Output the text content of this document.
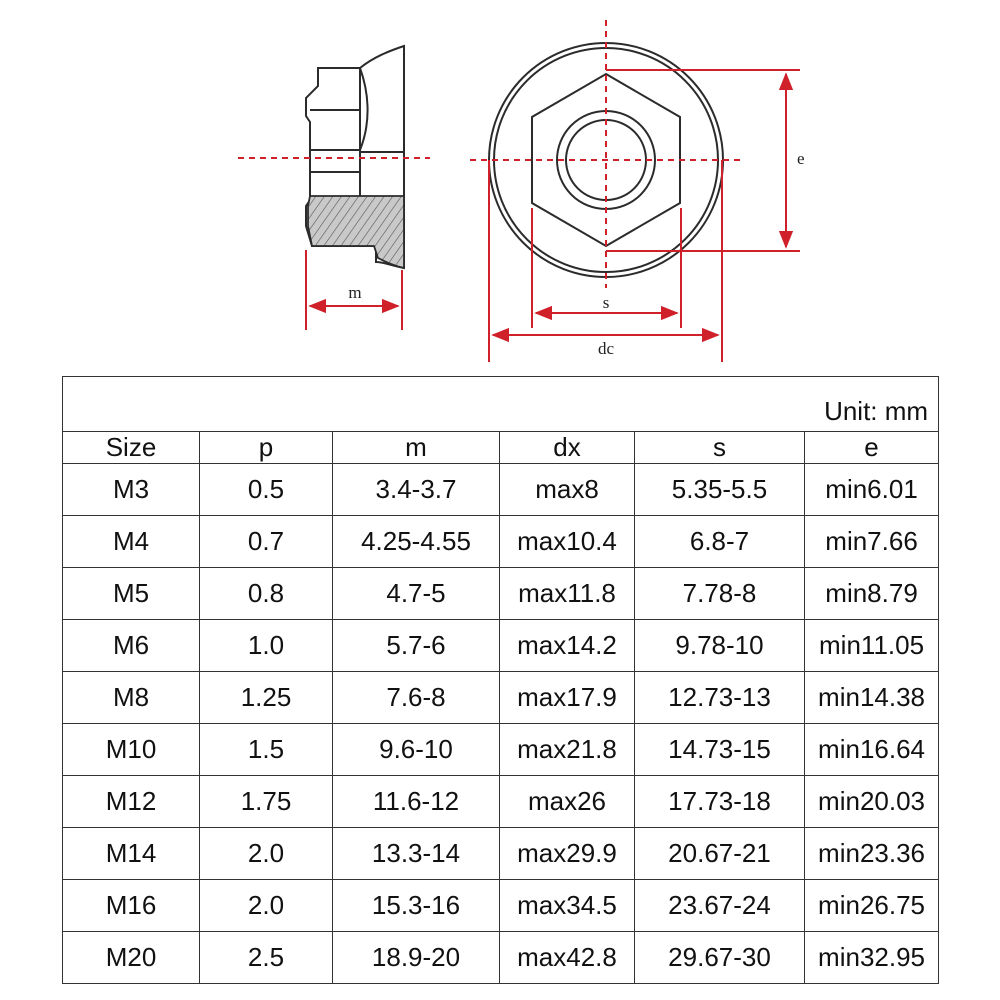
m
e
s
dc
Unit: mm					
Size	p	m	dx	s	e
M3	0.5	3.4-3.7	max8	5.35-5.5	min6.01
M4	0.7	4.25-4.55	max10.4	6.8-7	min7.66
M5	0.8	4.7-5	max11.8	7.78-8	min8.79
M6	1.0	5.7-6	max14.2	9.78-10	min11.05
M8	1.25	7.6-8	max17.9	12.73-13	min14.38
M10	1.5	9.6-10	max21.8	14.73-15	min16.64
M12	1.75	11.6-12	max26	17.73-18	min20.03
M14	2.0	13.3-14	max29.9	20.67-21	min23.36
M16	2.0	15.3-16	max34.5	23.67-24	min26.75
M20	2.5	18.9-20	max42.8	29.67-30	min32.95
